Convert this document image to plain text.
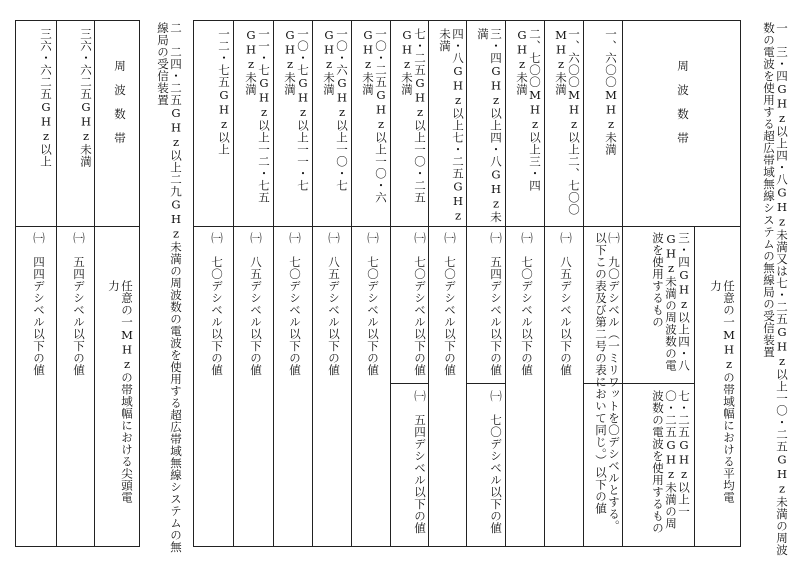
一　三・四GHz以上四・八GHz未満又は七・二五GHz以上一〇・二五GHz未満の周波数の電波を使用する超広帯域無線システムの無線局の受信装置
周　波　数　帯
任意の一MHzの帯域幅における平均電力
三・四GHz以上四・八GHz未満の周波数の電波を使用するもの
七・二五GHz以上一〇・二五GHz未満の周波数の電波を使用するもの
一、六〇〇MHz未満
㈠　九〇デシベル（一ミリワットを〇デシベルとする。以下この表及び第二号の表において同じ。）以下の値
一、六〇〇MHz以上二、七〇〇MHz未満
㈠　八五デシベル以下の値
二、七〇〇MHz以上三・四GHz未満
㈠　七〇デシベル以下の値
三・四GHz以上四・八GHz未満
㈠　五四デシベル以下の値
㈠　七〇デシベル以下の値
四・八GHz以上七・二五GHz未満
㈠　七〇デシベル以下の値
七・二五GHz以上一〇・二五GHz未満
㈠　七〇デシベル以下の値
㈠　五四デシベル以下の値
一〇・二五GHz以上一〇・六GHz未満
㈠　七〇デシベル以下の値
一〇・六GHz以上一〇・七GHz未満
㈠　八五デシベル以下の値
一〇・七GHz以上一一・七GHz未満
㈠　七〇デシベル以下の値
一一・七GHz以上一二・七五GHz未満
㈠　八五デシベル以下の値
一二・七五GHz以上
㈠　七〇デシベル以下の値
二　二四・二五GHz以上二九GHz未満の周波数の電波を使用する超広帯域無線システムの無線局の受信装置
周　波　数　帯
任意の一MHzの帯域幅における尖頭電力
三六・六二五GHz未満
㈠　五四デシベル以下の値
三六・六二五GHz以上
㈠　四四デシベル以下の値
